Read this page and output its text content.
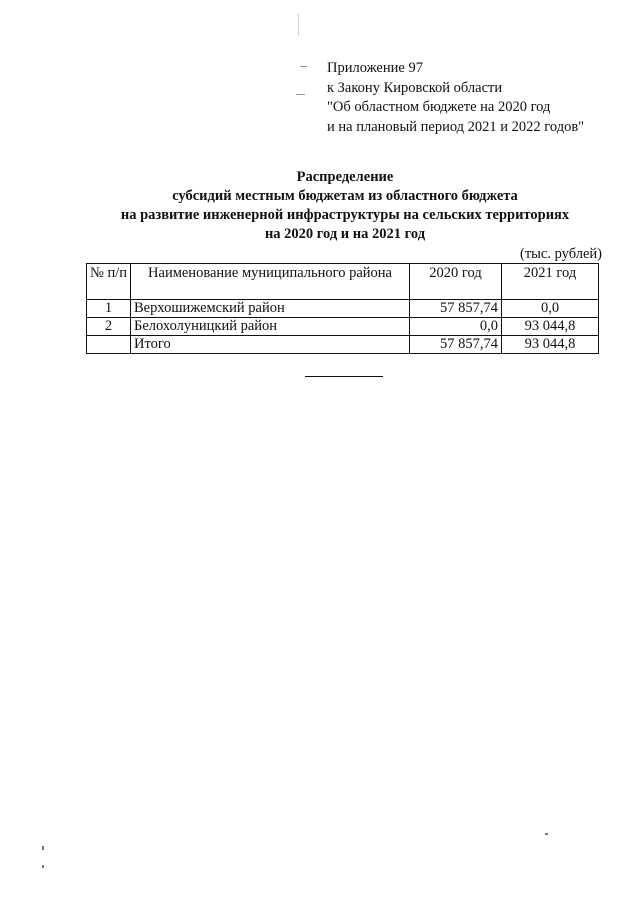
Приложение 97
к Закону Кировской области
"Об областном бюджете на 2020 год
и на плановый период 2021 и 2022 годов"
Распределение
субсидий местным бюджетам из областного бюджета
на развитие инженерной инфраструктуры на сельских территориях
на 2020 год и на 2021 год
(тыс. рублей)
№ п/п	Наименование муниципального района	2020 год	2021 год
1	Верхошижемский район	57 857,74	0,0
2	Белохолуницкий район	0,0	93 044,8
	Итого	57 857,74	93 044,8
